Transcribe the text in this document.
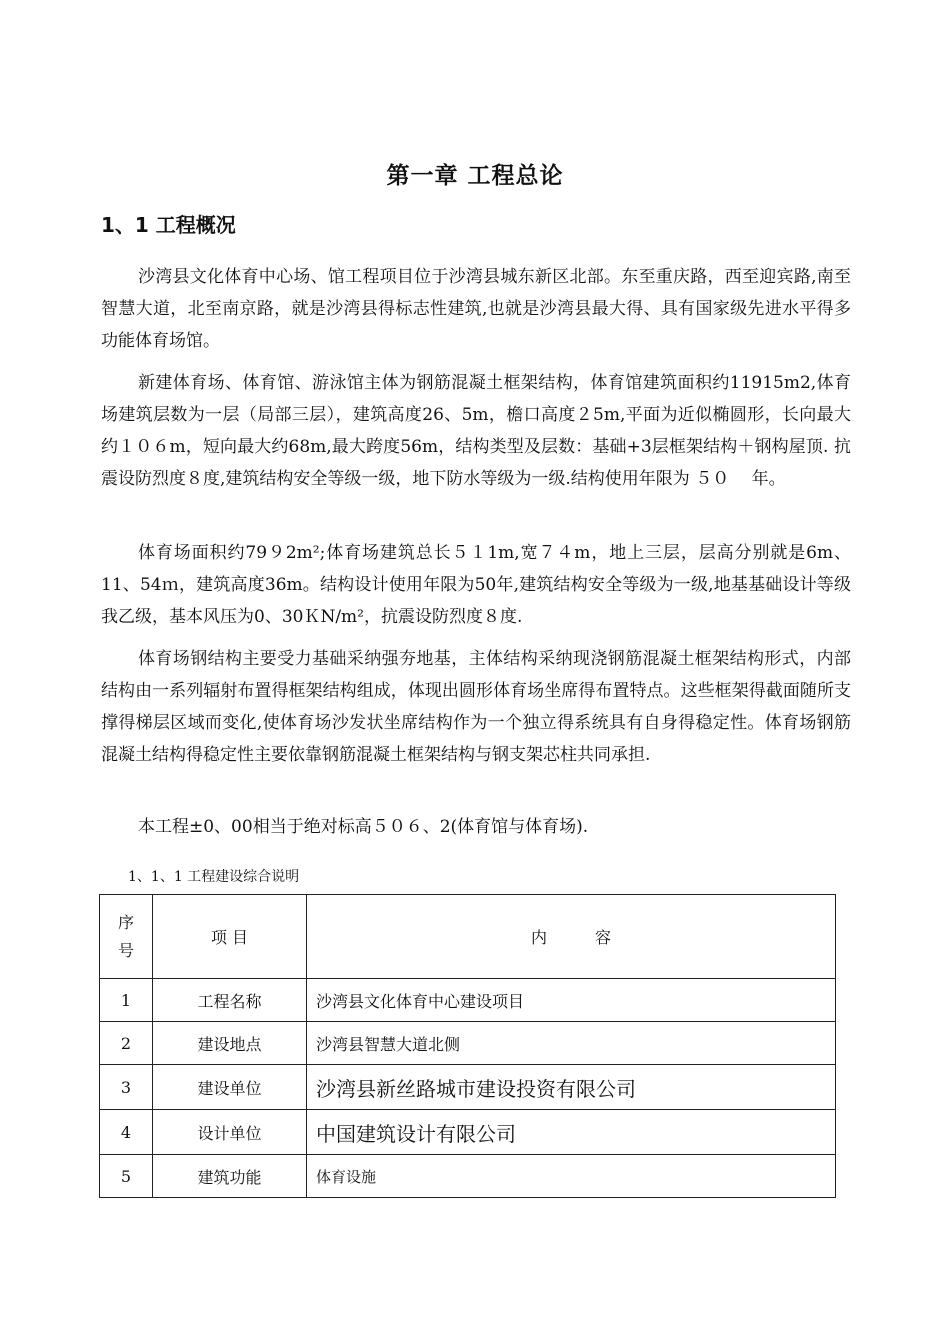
第一章 工程总论
1、1 工程概况

沙湾县文化体育中心场、馆工程项目位于沙湾县城东新区北部。东至重庆路，西至迎宾路,南至智慧大道，北至南京路，就是沙湾县得标志性建筑,也就是沙湾县最大得、具有国家级先进水平得多功能体育场馆。

新建体育场、体育馆、游泳馆主体为钢筋混凝土框架结构，体育馆建筑面积约11915m2,体育场建筑层数为一层（局部三层），建筑高度26、5m，檐口高度２5m,平面为近似椭圆形，长向最大约１０６m，短向最大约68m,最大跨度56m，结构类型及层数：基础+3层框架结构＋钢构屋顶. 抗震设防烈度８度,建筑结构安全等级一级，地下防水等级为一级.结构使用年限为 ５０　 年。

体育场面积约79９2m²;体育场建筑总长５１1m,宽７４m，地上三层，层高分别就是6m、11、54ｍ，建筑高度36m。结构设计使用年限为50年,建筑结构安全等级为一级,地基基础设计等级我乙级，基本风压为0、30ＫN/m²，抗震设防烈度８度.

体育场钢结构主要受力基础采纳强夯地基，主体结构采纳现浇钢筋混凝土框架结构形式，内部结构由一系列辐射布置得框架结构组成，体现出圆形体育场坐席得布置特点。这些框架得截面随所支撑得梯层区域而变化,使体育场沙发状坐席结构作为一个独立得系统具有自身得稳定性。体育场钢筋混凝土结构得稳定性主要依靠钢筋混凝土框架结构与钢支架芯柱共同承担.

本工程±0、00相当于绝对标高５０６、2(体育馆与体育场).

1、1、1 工程建设综合说明
序
号	项 目	内　　　容
1	工程名称	沙湾县文化体育中心建设项目
2	建设地点	沙湾县智慧大道北侧
3	建设单位	沙湾县新丝路城市建设投资有限公司
4	设计单位	中国建筑设计有限公司
5	建筑功能	体育设施
